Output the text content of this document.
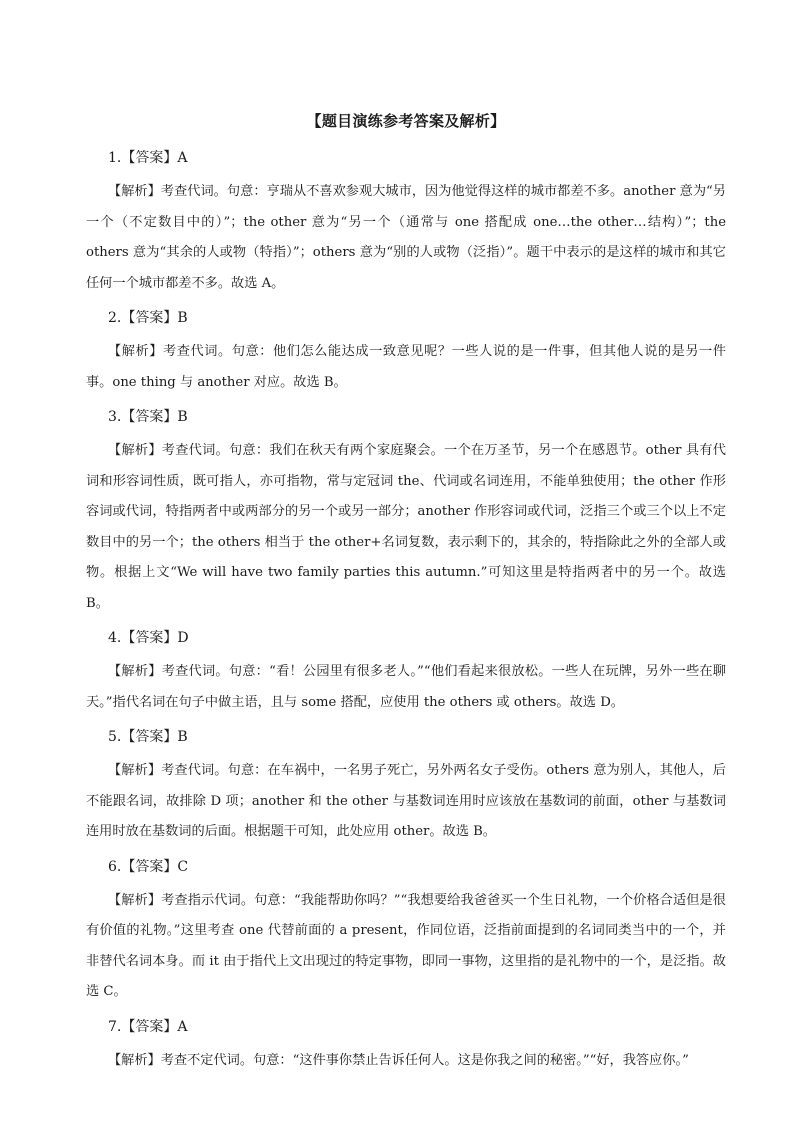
【题目演练参考答案及解析】

1.【答案】A

【解析】考查代词。句意：亨瑞从不喜欢参观大城市，因为他觉得这样的城市都差不多。another 意为“另一个（不定数目中的）”；the other 意为“另一个（通常与 one 搭配成 one…the other…结构）”；the others 意为“其余的人或物（特指）”；others 意为“别的人或物（泛指）”。题干中表示的是这样的城市和其它任何一个城市都差不多。故选 A。

2.【答案】B

【解析】考查代词。句意：他们怎么能达成一致意见呢？一些人说的是一件事，但其他人说的是另一件事。one thing 与 another 对应。故选 B。

3.【答案】B

【解析】考查代词。句意：我们在秋天有两个家庭聚会。一个在万圣节，另一个在感恩节。other 具有代词和形容词性质，既可指人，亦可指物，常与定冠词 the、代词或名词连用，不能单独使用；the other 作形容词或代词，特指两者中或两部分的另一个或另一部分；another 作形容词或代词，泛指三个或三个以上不定数目中的另一个；the others 相当于 the other+名词复数，表示剩下的，其余的，特指除此之外的全部人或物。根据上文“We will have two family parties this autumn.”可知这里是特指两者中的另一个。故选 B。

4.【答案】D

【解析】考查代词。句意：“看！公园里有很多老人。”“他们看起来很放松。一些人在玩牌，另外一些在聊天。”指代名词在句子中做主语，且与 some 搭配，应使用 the others 或 others。故选 D。

5.【答案】B

【解析】考查代词。句意：在车祸中，一名男子死亡，另外两名女子受伤。others 意为别人，其他人，后不能跟名词，故排除 D 项；another 和 the other 与基数词连用时应该放在基数词的前面，other 与基数词连用时放在基数词的后面。根据题干可知，此处应用 other。故选 B。

6.【答案】C

【解析】考查指示代词。句意：“我能帮助你吗？”“我想要给我爸爸买一个生日礼物，一个价格合适但是很有价值的礼物。”这里考查 one 代替前面的 a present，作同位语，泛指前面提到的名词同类当中的一个，并非替代名词本身。而 it 由于指代上文出现过的特定事物，即同一事物，这里指的是礼物中的一个，是泛指。故选 C。

7.【答案】A

【解析】考查不定代词。句意：“这件事你禁止告诉任何人。这是你我之间的秘密。”“好，我答应你。”
